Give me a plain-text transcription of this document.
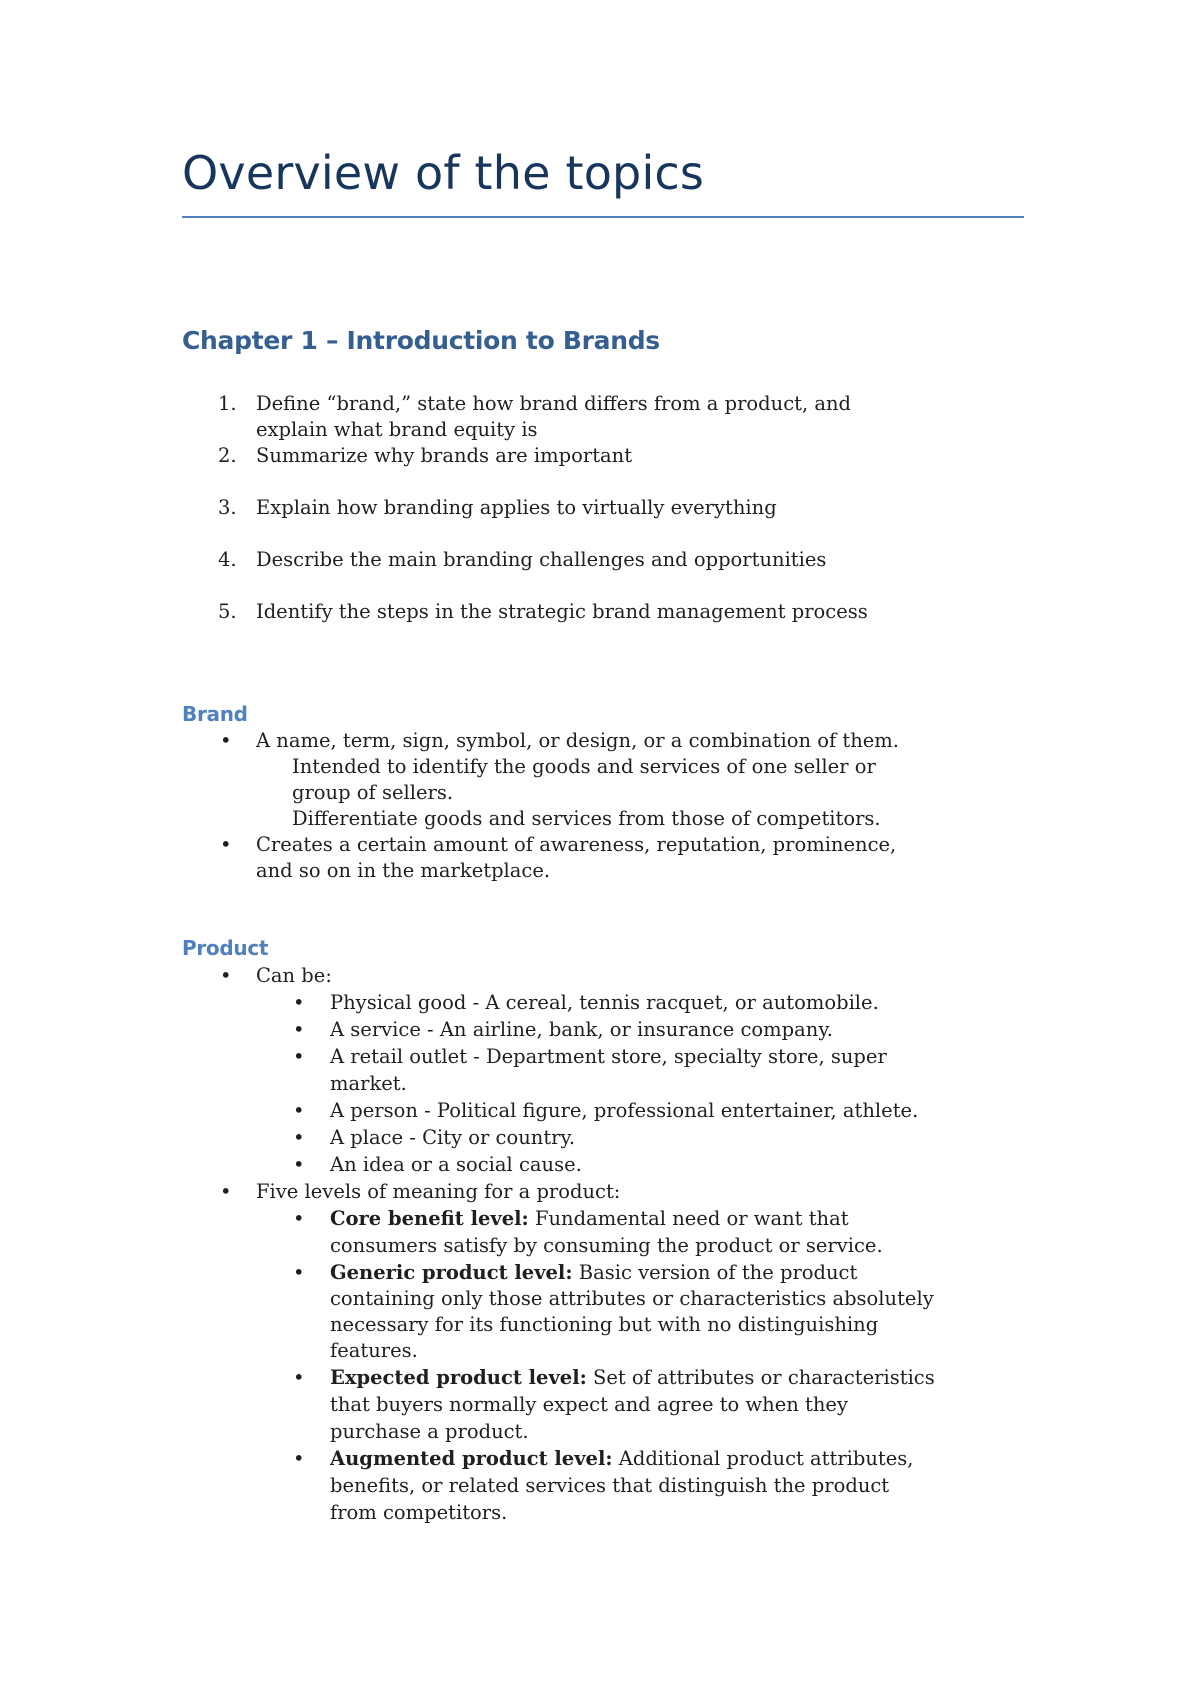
Overview of the topics
Chapter 1 – Introduction to Brands
1. Define “brand,” state how brand differs from a product, and
explain what brand equity is
2. Summarize why brands are important
3. Explain how branding applies to virtually everything
4. Describe the main branding challenges and opportunities
5. Identify the steps in the strategic brand management process
Brand
• A name, term, sign, symbol, or design, or a combination of them.
Intended to identify the goods and services of one seller or
group of sellers.
Differentiate goods and services from those of competitors.
• Creates a certain amount of awareness, reputation, prominence,
and so on in the marketplace.
Product
• Can be:
• Physical good - A cereal, tennis racquet, or automobile.
• A service - An airline, bank, or insurance company.
• A retail outlet - Department store, specialty store, super
market.
• A person - Political figure, professional entertainer, athlete.
• A place - City or country.
• An idea or a social cause.
• Five levels of meaning for a product:
• Core benefit level: Fundamental need or want that
consumers satisfy by consuming the product or service.
• Generic product level: Basic version of the product
containing only those attributes or characteristics absolutely
necessary for its functioning but with no distinguishing
features.
• Expected product level: Set of attributes or characteristics
that buyers normally expect and agree to when they
purchase a product.
• Augmented product level: Additional product attributes,
benefits, or related services that distinguish the product
from competitors.
